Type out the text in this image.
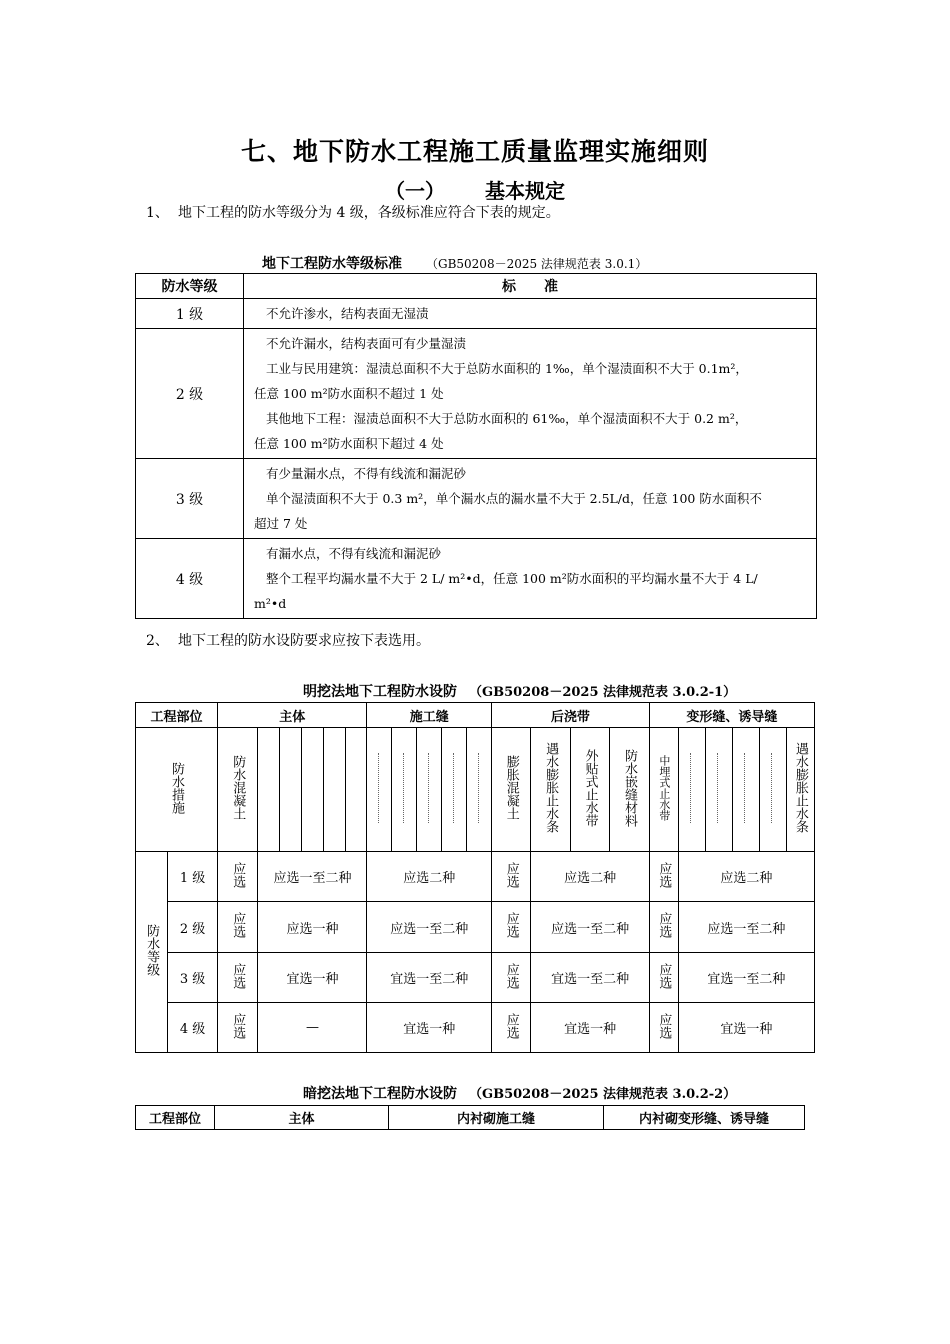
七、地下防水工程施工质量监理实施细则
（一） 基本规定
1、 地下工程的防水等级分为 4 级，各级标准应符合下表的规定。
地下工程防水等级标准 （GB50208－2025 法律规范表 3.0.1）
防水等级	标　　准
1 级	不允许渗水，结构表面无湿渍

2 级	不允许漏水，结构表面可有少量湿渍
工业与民用建筑：湿渍总面积不大于总防水面积的 1‰，单个湿渍面积不大于 0.1m²，
任意 100 m²防水面积不超过 1 处
其他地下工程：湿渍总面积不大于总防水面积的 61‰，单个湿渍面积不大于 0.2 m²，
任意 100 m²防水面积下超过 4 处

3 级	有少量漏水点，不得有线流和漏泥砂
单个湿渍面积不大于 0.3 m²，单个漏水点的漏水量不大于 2.5L/d，任意 100 防水面积不
超过 7 处

4 级	有漏水点，不得有线流和漏泥砂
整个工程平均漏水量不大于 2 L/ m²•d，任意 100 m²防水面积的平均漏水量不大于 4 L/
m²•d
2、 地下工程的防水设防要求应按下表选用。
明挖法地下工程防水设防 （GB50208－2025 法律规范表 3.0.2-1）
工程部位		主体						施工缝					后浇带				变形缝、诱导缝					
防水措施		防水混凝土											膨胀混凝土	遇水膨胀止水条	外贴式止水带	防水嵌缝材料	中埋式止水带					遇水膨胀止水条
防水等级	1 级	应选	应选一至二种					应选二种					应选	应选二种			应选	应选二种				
	2 级	应选	应选一种					应选一至二种					应选	应选一至二种			应选	应选一至二种				
	3 级	应选	宜选一种					宜选一至二种					应选	宜选一至二种			应选	宜选一至二种				
	4 级	应选	—					宜选一种					应选	宜选一种			应选	宜选一种				
暗挖法地下工程防水设防 （GB50208－2025 法律规范表 3.0.2-2）
工程部位	主体	内衬砌施工缝	内衬砌变形缝、诱导缝
